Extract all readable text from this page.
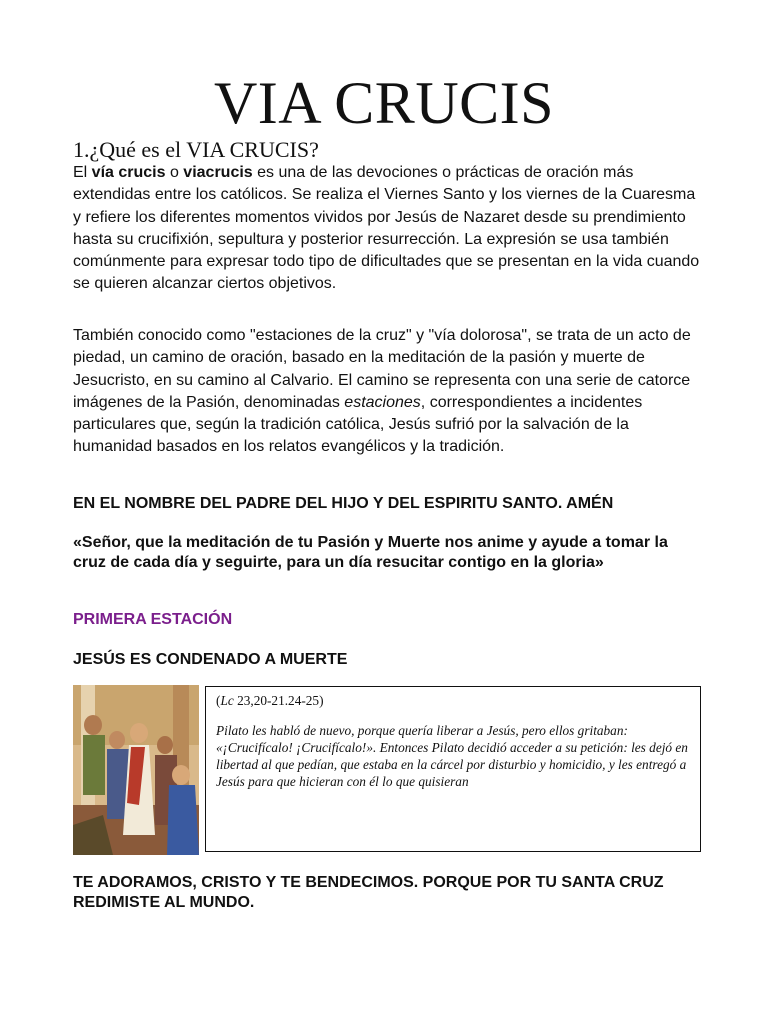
VIA CRUCIS
1.¿Qué es el VIA CRUCIS?

El vía crucis o viacrucis es una de las devociones o prácticas de oración más extendidas entre los católicos. Se realiza el Viernes Santo y los viernes de la Cuaresma y refiere los diferentes momentos vividos por Jesús de Nazaret desde su prendimiento hasta su crucifixión, sepultura y posterior resurrección. La expresión se usa también comúnmente para expresar todo tipo de dificultades que se presentan en la vida cuando se quieren alcanzar ciertos objetivos.

También conocido como "estaciones de la cruz" y "vía dolorosa", se trata de un acto de piedad, un camino de oración, basado en la meditación de la pasión y muerte de Jesucristo, en su camino al Calvario. El camino se representa con una serie de catorce imágenes de la Pasión, denominadas estaciones, correspondientes a incidentes particulares que, según la tradición católica, Jesús sufrió por la salvación de la humanidad basados en los relatos evangélicos y la tradición.

EN EL NOMBRE DEL PADRE DEL HIJO Y DEL ESPIRITU SANTO. AMÉN

«Señor, que la meditación de tu Pasión y Muerte nos anime y ayude a tomar la cruz de cada día y seguirte, para un día resucitar contigo en la gloria»

PRIMERA ESTACIÓN

JESÚS ES CONDENADO A MUERTE

(Lc 23,20-21.24-25)

Pilato les habló de nuevo, porque quería liberar a Jesús, pero ellos gritaban: «¡Crucifícalo! ¡Crucifícalo!». Entonces Pilato decidió acceder a su petición: les dejó en libertad al que pedían, que estaba en la cárcel por disturbio y homicidio, y les entregó a Jesús para que hicieran con él lo que quisieran

TE ADORAMOS, CRISTO Y TE BENDECIMOS. PORQUE POR TU SANTA CRUZ REDIMISTE AL MUNDO.
